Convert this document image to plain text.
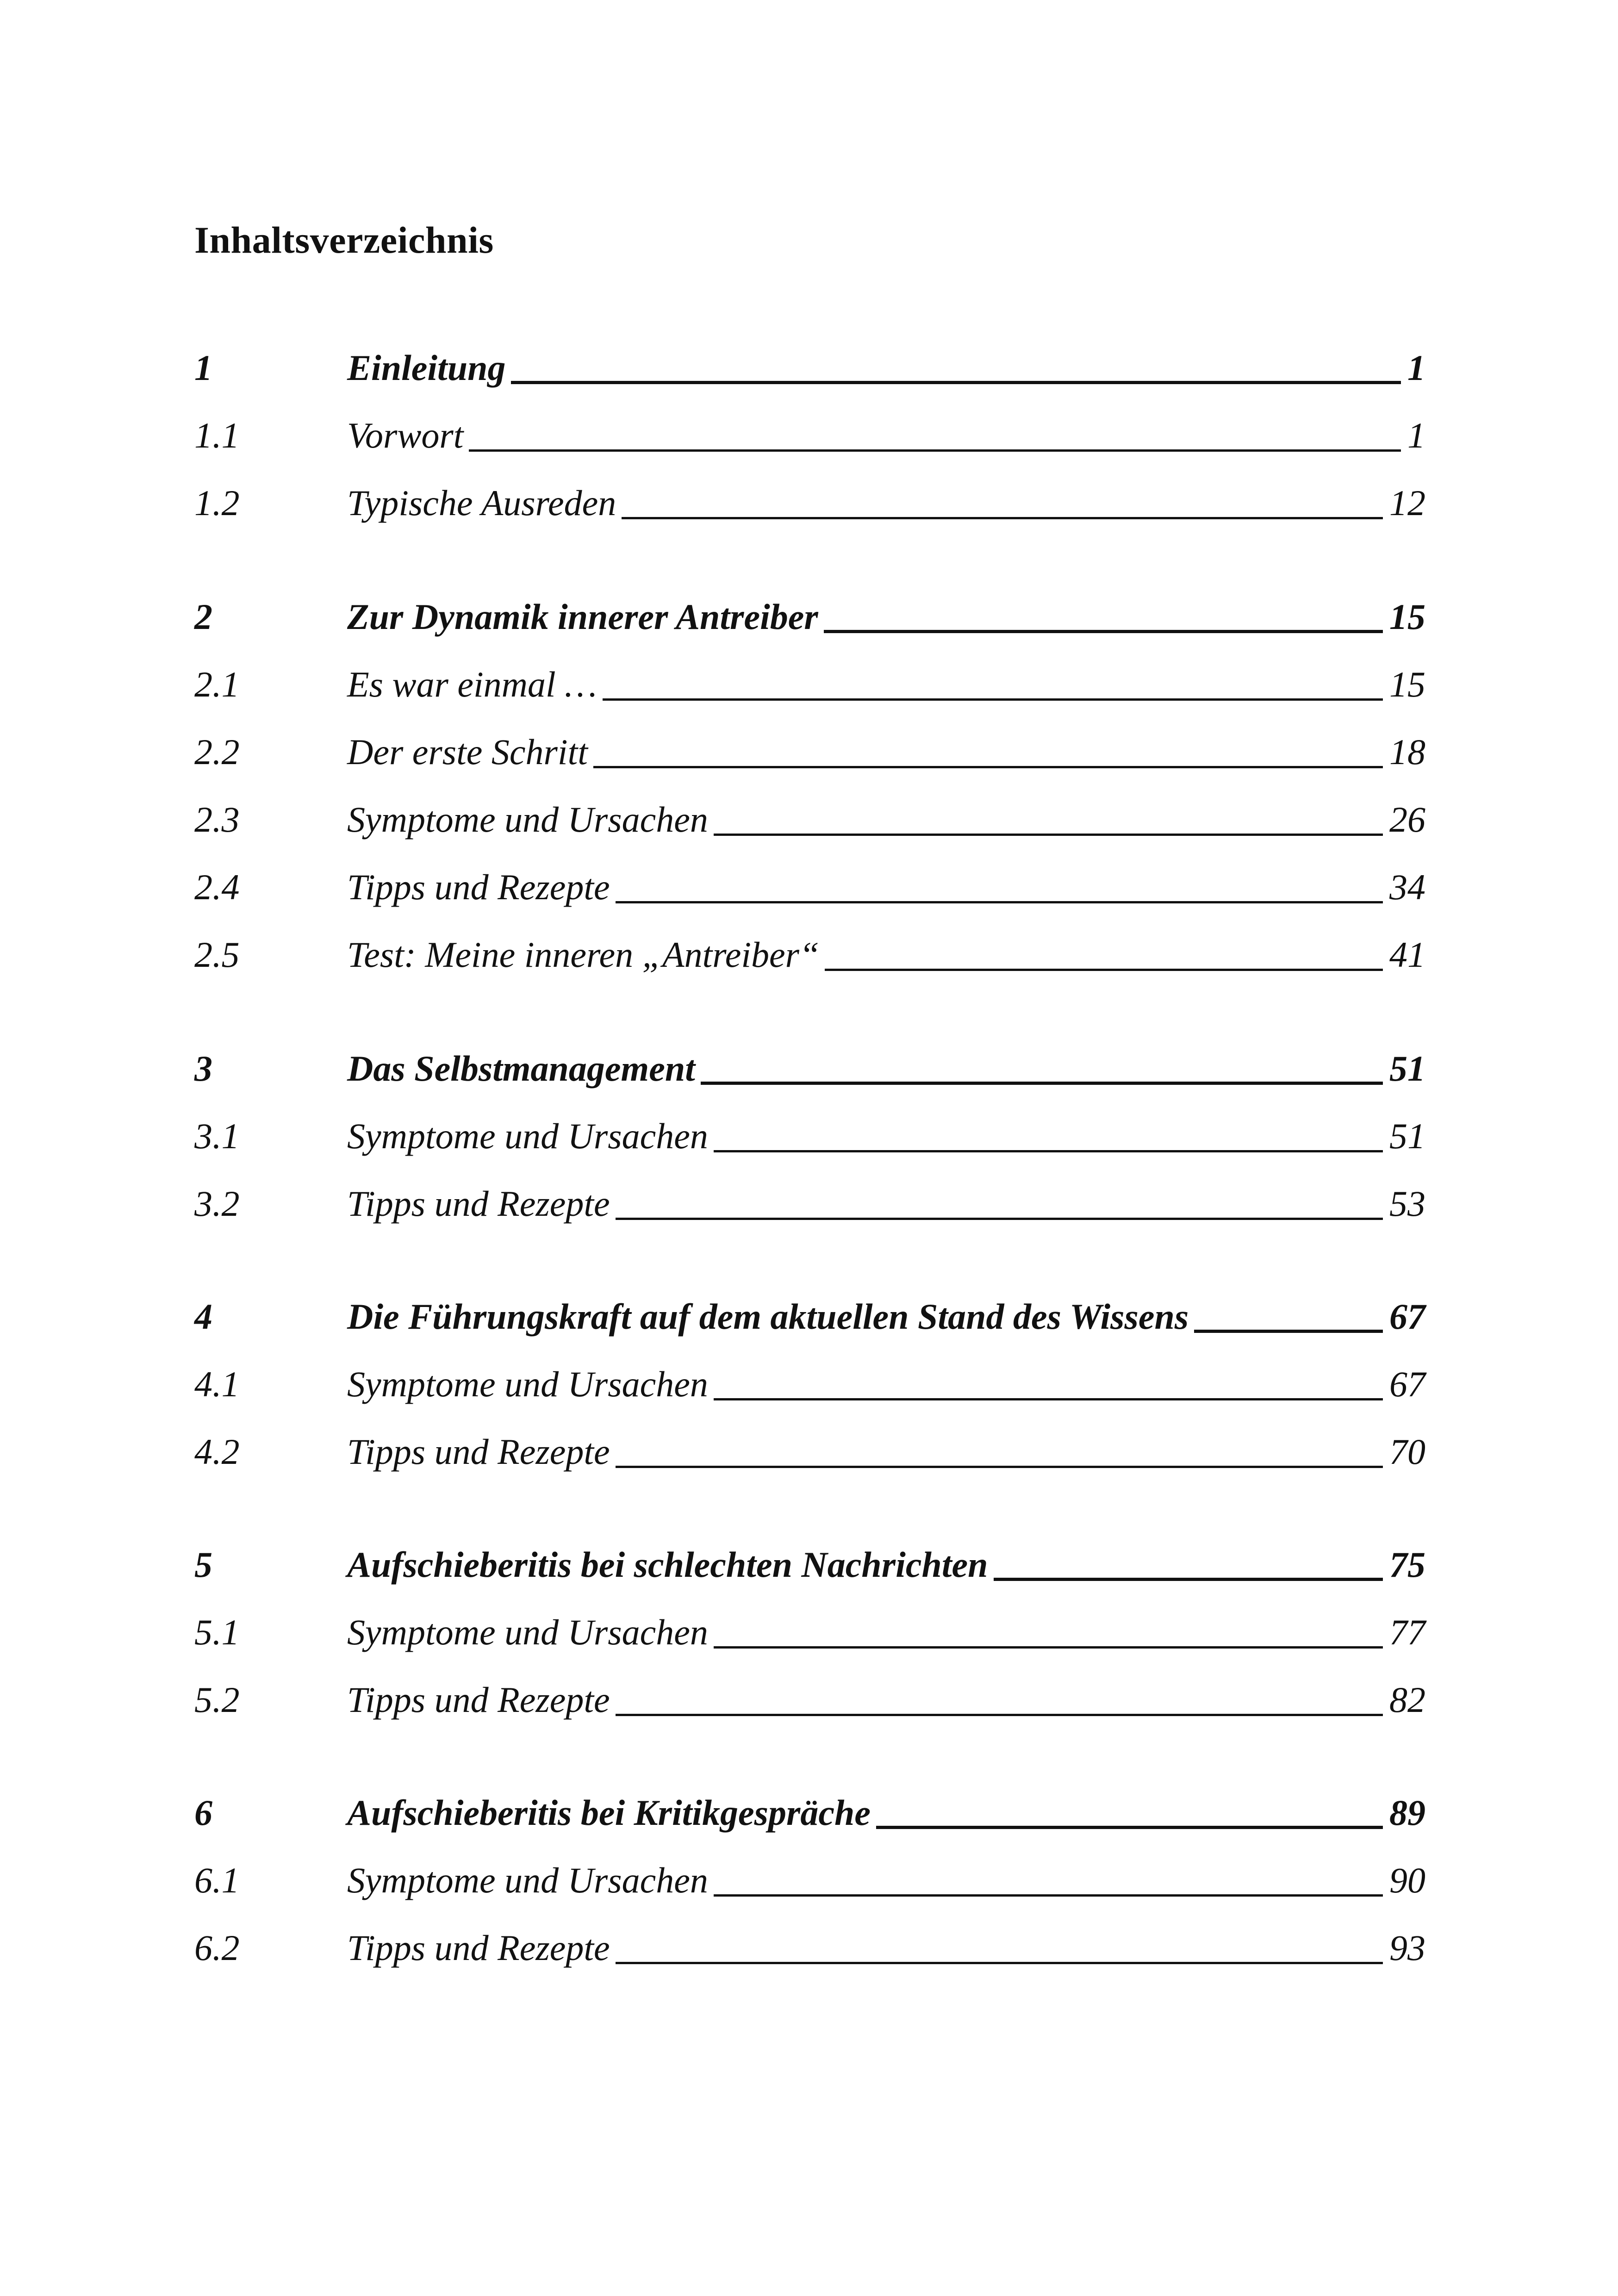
Inhaltsverzeichnis
1	Einleitung	1
1.1	Vorwort	1
1.2	Typische Ausreden	12
2	Zur Dynamik innerer Antreiber	15
2.1	Es war einmal …	15
2.2	Der erste Schritt	18
2.3	Symptome und Ursachen	26
2.4	Tipps und Rezepte	34
2.5	Test: Meine inneren „Antreiber“	41
3	Das Selbstmanagement	51
3.1	Symptome und Ursachen	51
3.2	Tipps und Rezepte	53
4	Die Führungskraft auf dem aktuellen Stand des Wissens	67
4.1	Symptome und Ursachen	67
4.2	Tipps und Rezepte	70
5	Aufschieberitis bei schlechten Nachrichten	75
5.1	Symptome und Ursachen	77
5.2	Tipps und Rezepte	82
6	Aufschieberitis bei Kritikgespräche	89
6.1	Symptome und Ursachen	90
6.2	Tipps und Rezepte	93
